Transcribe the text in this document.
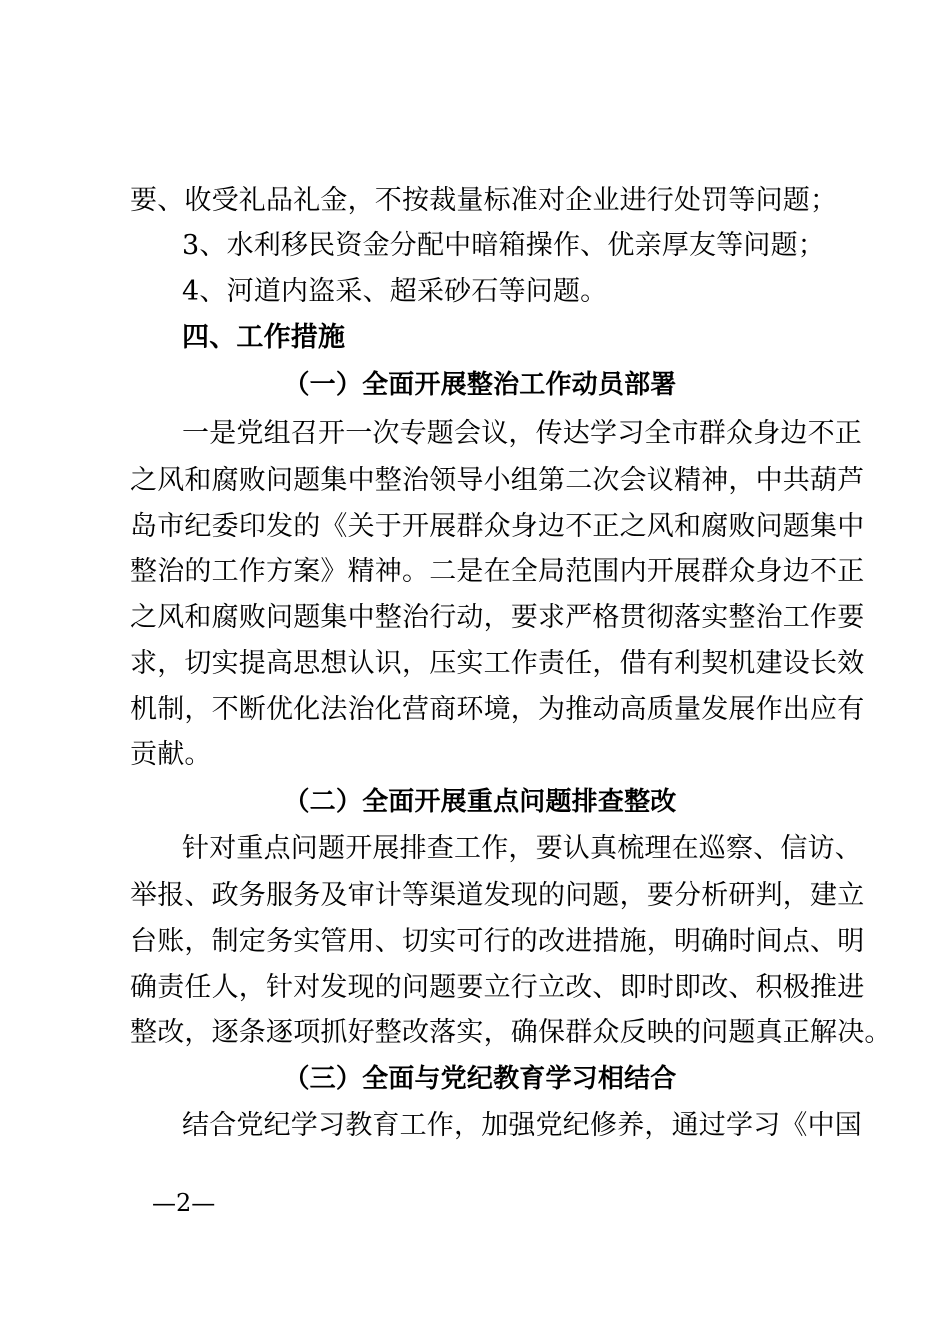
要、收受礼品礼金，不按裁量标准对企业进行处罚等问题；
3、水利移民资金分配中暗箱操作、优亲厚友等问题；
4、河道内盗采、超采砂石等问题。
四、工作措施
（一）全面开展整治工作动员部署
一是党组召开一次专题会议，传达学习全市群众身边不正
之风和腐败问题集中整治领导小组第二次会议精神，中共葫芦
岛市纪委印发的《关于开展群众身边不正之风和腐败问题集中
整治的工作方案》精神。二是在全局范围内开展群众身边不正
之风和腐败问题集中整治行动，要求严格贯彻落实整治工作要
求，切实提高思想认识，压实工作责任，借有利契机建设长效
机制，不断优化法治化营商环境，为推动高质量发展作出应有
贡献。
（二）全面开展重点问题排查整改
针对重点问题开展排查工作，要认真梳理在巡察、信访、
举报、政务服务及审计等渠道发现的问题，要分析研判，建立
台账，制定务实管用、切实可行的改进措施，明确时间点、明
确责任人，针对发现的问题要立行立改、即时即改、积极推进
整改，逐条逐项抓好整改落实，确保群众反映的问题真正解决。
（三）全面与党纪教育学习相结合
结合党纪学习教育工作，加强党纪修养，通过学习《中国
—2—
